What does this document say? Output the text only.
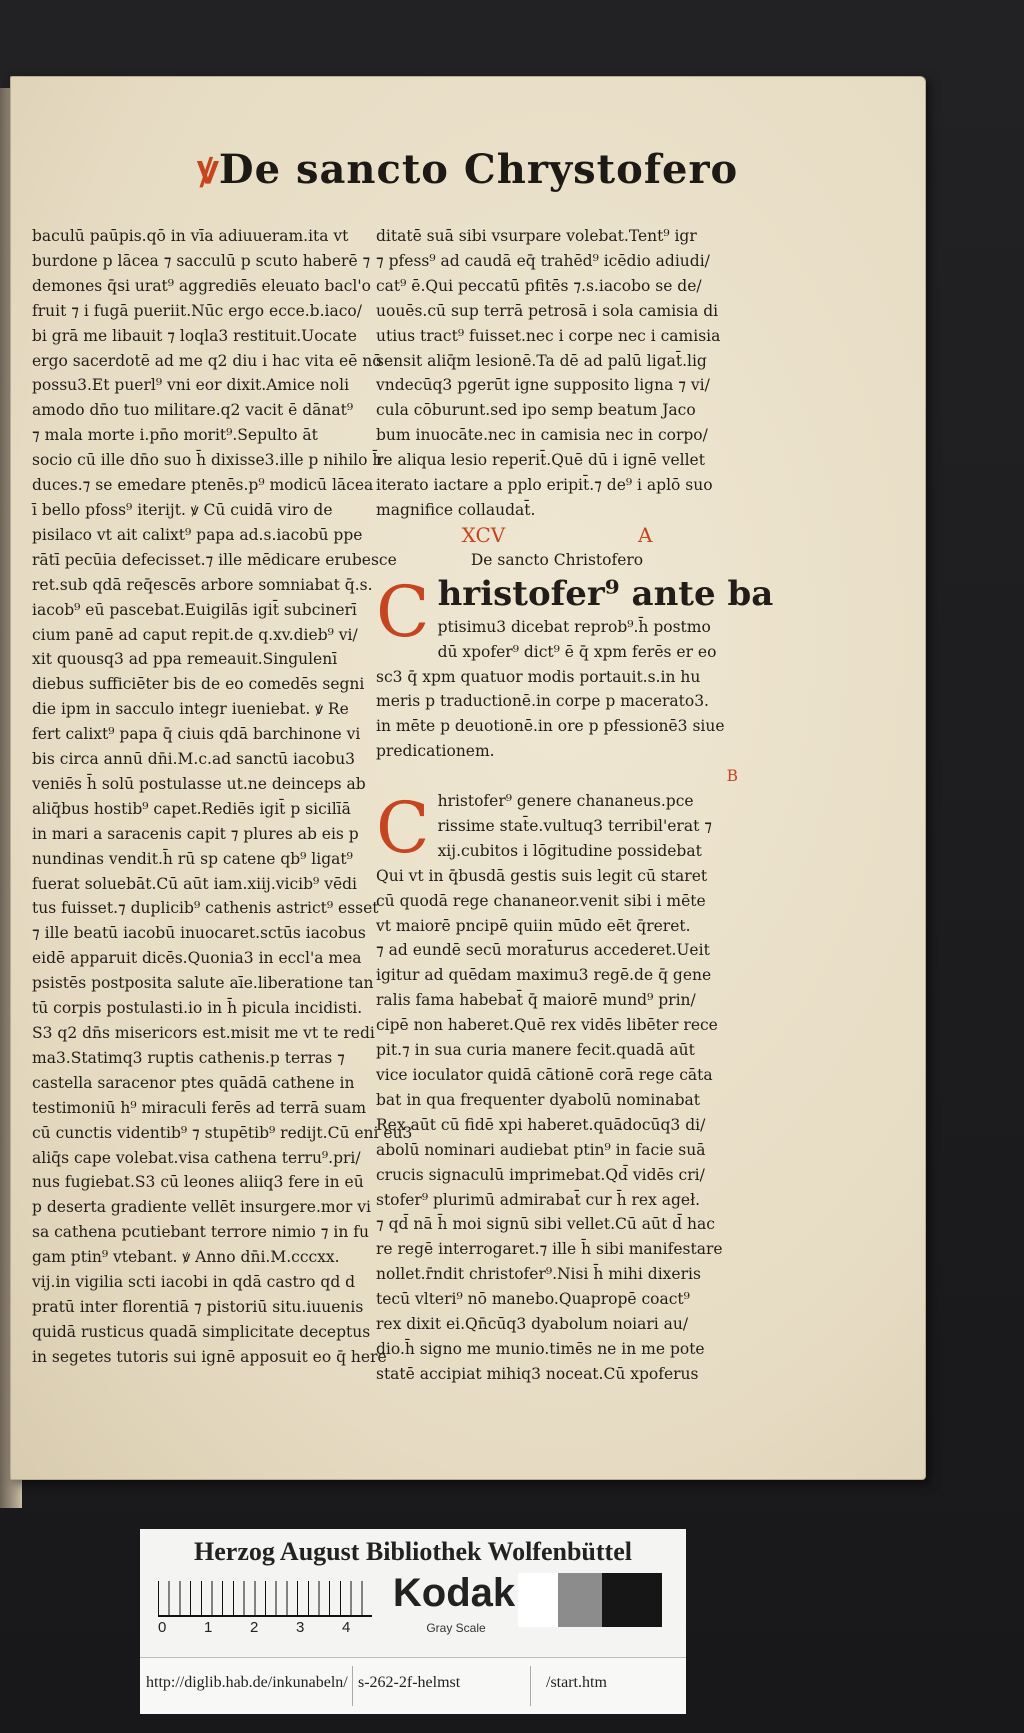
ꝟDe sancto Chrystofero
baculū paūpis.qō in vīa adiuueram.ita vt
burdone p lācea ⁊ sacculū p scuto haberē ⁊
demones q̄si urat⁹ aggrediēs eleuato bacl'o
fruit ⁊ i fugā pueriit.Nūc ergo ecce.b.iaco/
bi grā me libauit ⁊ loqla3 restituit.Uocate
ergo sacerdotē ad me q2 diu i hac vita eē nō
possu3.Et puerl⁹ vni eor dixit.Amice noli
amodo dn̄o tuo militare.q2 vacit ē dānat⁹
⁊ mala morte i.pn̄o morit⁹.Sepulto āt
socio cū ille dn̄o suo h̄ dixisse3.ille p nihilo h̄
duces.⁊ se emedare ptenēs.p⁹ modicū lācea
ī bello pfoss⁹ iterijt. ꝟ Cū cuidā viro de
pisilaco vt ait calixt⁹ papa ad.s.iacobū ppe
rātī pecūia defecisset.⁊ ille mēdicare erubesce
ret.sub qdā req̄escēs arbore somniabat q̄.s.
iacob⁹ eū pascebat.Euigilās igit̄ subcinerī
cium panē ad caput repit.de q.xv.dieb⁹ vi/
xit quousq3 ad ppa remeauit.Singulenī
diebus sufficiēter bis de eo comedēs segni
die ipm in sacculo integr iueniebat. ꝟ Re
fert calixt⁹ papa q̄ ciuis qdā barchinone vi
bis circa annū dn̄i.M.c.ad sanctū iacobu3
veniēs h̄ solū postulasse ut.ne deinceps ab
aliq̄bus hostib⁹ capet.Rediēs igit̄ p sicilīā
in mari a saracenis capit ⁊ plures ab eis p
nundinas vendit.h̄ rū sp catene qb⁹ ligat⁹
fuerat soluebāt.Cū aūt iam.xiij.vicib⁹ vēdi
tus fuisset.⁊ duplicib⁹ cathenis astrict⁹ esset
⁊ ille beatū iacobū inuocaret.sctūs iacobus
eidē apparuit dicēs.Quonia3 in eccl'a mea
psistēs postposita salute aīe.liberatione tan
tū corpis postulasti.io in h̄ picula incidisti.
S3 q2 dn̄s misericors est.misit me vt te redi
ma3.Statimq3 ruptis cathenis.p terras ⁊
castella saracenor ptes quādā cathene in
testimoniū h⁹ miraculi ferēs ad terrā suam
cū cunctis videntib⁹ ⁊ stupētib⁹ redijt.Cū eni eu3
aliq̄s cape volebat.visa cathena terru⁹.pri/
nus fugiebat.S3 cū leones aliiq3 fere in eū
p deserta gradiente vellēt insurgere.mor vi
sa cathena pcutiebant terrore nimio ⁊ in fu
gam ptin⁹ vtebant. ꝟ Anno dn̄i.M.cccxx.
vij.in vigilia scti iacobi in qdā castro qd d
pratū inter florentiā ⁊ pistoriū situ.iuuenis
quidā rusticus quadā simplicitate deceptus
in segetes tutoris sui ignē apposuit eo q̄ here
ditatē suā sibi vsurpare volebat.Tent⁹ igr
⁊ pfess⁹ ad caudā eq̄ trahēd⁹ icēdio adiudi/
cat⁹ ē.Qui peccatū pfitēs ⁊.s.iacobo se de/
uouēs.cū sup terrā petrosā i sola camisia di
utius tract⁹ fuisset.nec i corpe nec i camisia
sensit aliq̄m lesionē.Ta dē ad palū ligat̄.lig
vndecūq3 pgerūt igne supposito ligna ⁊ vi/
cula cōburunt.sed ipo semp beatum Jaco
bum inuocāte.nec in camisia nec in corpo/
re aliqua lesio reperit̄.Quē dū i ignē vellet
iterato iactare a pplo eripit̄.⁊ de⁹ i aplō suo
magnifice collaudat̄.
XCV	A
De sancto Christofero
C hristofer⁹ ante ba
ptisimu3 dicebat reprob⁹.h̄ postmo
dū xpofer⁹ dict⁹ ē q̄ xpm ferēs er eo
sc3 q̄ xpm quatuor modis portauit.s.in hu
meris p traductionē.in corpe p macerato3.
in mēte p deuotionē.in ore p pfessionē3 siue
predicationem.
B
C hristofer⁹ genere chananeus.pce
rissime stat̄e.vultuq3 terribil'erat ⁊
xij.cubitos i lōgitudine possidebat
Qui vt in q̄busdā gestis suis legit cū staret
cū quodā rege chananeor.venit sibi i mēte
vt maiorē pncipē quiin mūdo eēt q̄reret.
⁊ ad eundē secū morat̄urus accederet.Ueit
igitur ad quēdam maximu3 regē.de q̄ gene
ralis fama habebat̄ q̄ maiorē mund⁹ prin/
cipē non haberet.Quē rex vidēs libēter rece
pit.⁊ in sua curia manere fecit.quadā aūt
vice ioculator quidā cātionē corā rege cāta
bat in qua frequenter dyabolū nominabat
Rex aūt cū fidē xpi haberet.quādocūq3 di/
abolū nominari audiebat ptin⁹ in facie suā
crucis signaculū imprimebat.Qd̄ vidēs cri/
stofer⁹ plurimū admirabat̄ cur h̄ rex ageł.
⁊ qd̄ nā h̄ moi signū sibi vellet.Cū aūt d̄ hac
re regē interrogaret.⁊ ille h̄ sibi manifestare
nollet.r̄ndit christofer⁹.Nisi h̄ mihi dixeris
tecū vlteri⁹ nō manebo.Quapropē coact⁹
rex dixit ei.Qn̄cūq3 dyabolum noiari au/
dio.h̄ signo me munio.timēs ne in me pote
statē accipiat mihiq3 noceat.Cū xpoferus
Herzog August Bibliothek Wolfenbüttel
0	1	2	3	4
Kodak
Gray Scale
http://diglib.hab.de/inkunabeln/ s-262-2f-helmst	/start.htm
